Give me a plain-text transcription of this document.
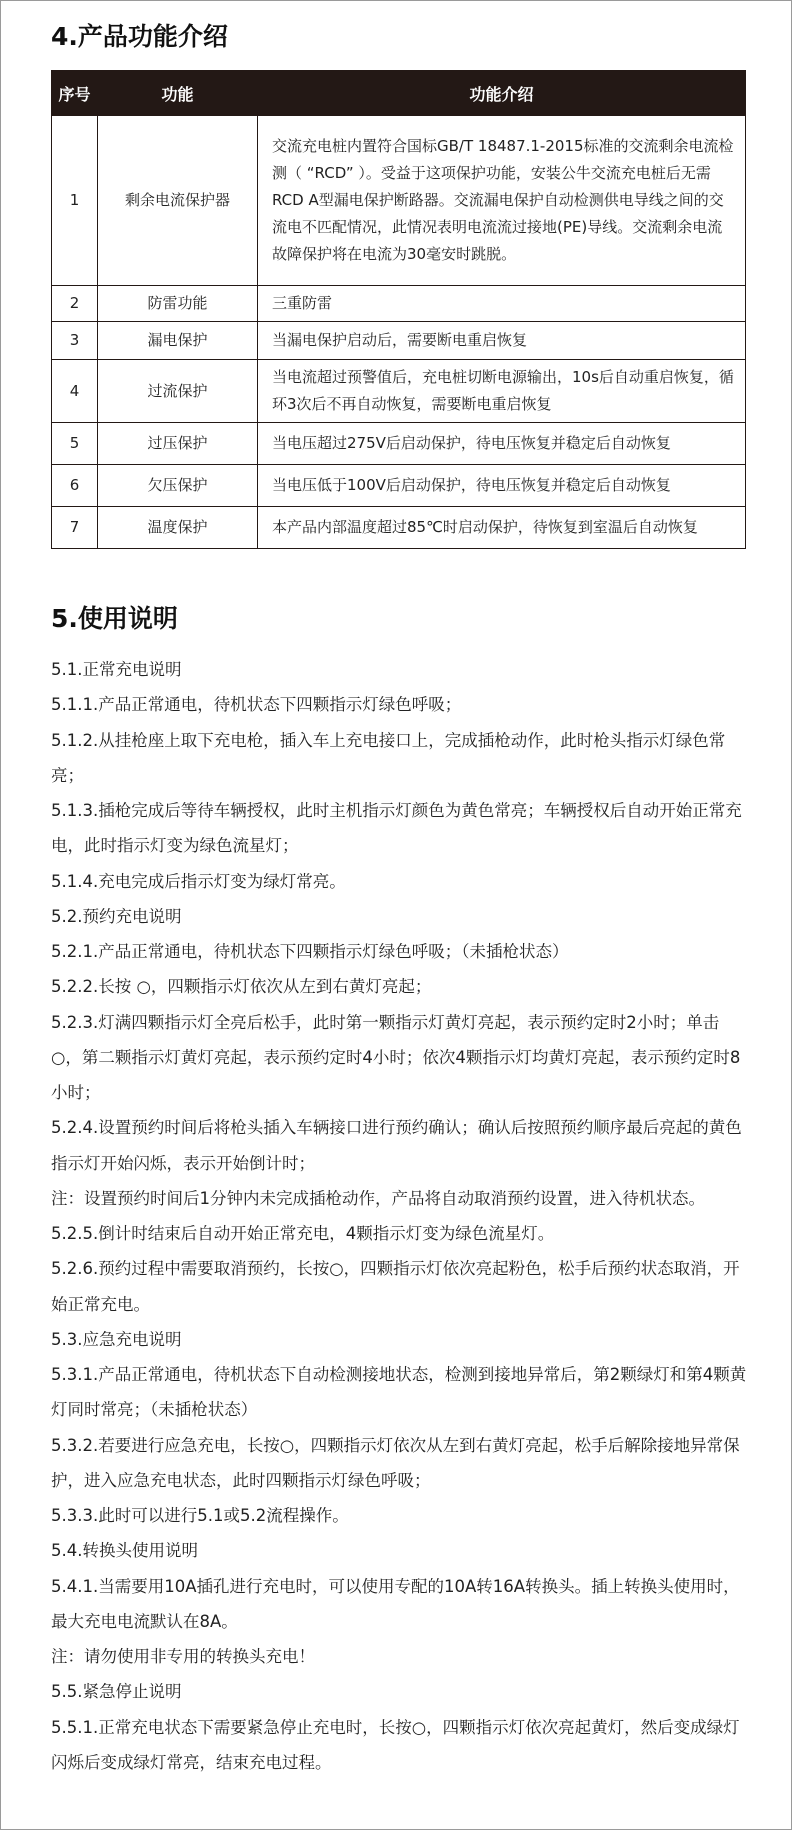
4.产品功能介绍
序号	功能	功能介绍
1	剩余电流保护器	交流充电桩内置符合国标GB/T 18487.1-2015标准的交流剩余电流检测（ “RCD” ）。受益于这项保护功能，安装公牛交流充电桩后无需 RCD A型漏电保护断路器。交流漏电保护自动检测供电导线之间的交流电不匹配情况，此情况表明电流流过接地(PE)导线。交流剩余电流故障保护将在电流为30毫安时跳脱。
2	防雷功能	三重防雷
3	漏电保护	当漏电保护启动后，需要断电重启恢复
4	过流保护	当电流超过预警值后，充电桩切断电源输出，10s后自动重启恢复，循环3次后不再自动恢复，需要断电重启恢复
5	过压保护	当电压超过275V后启动保护，待电压恢复并稳定后自动恢复
6	欠压保护	当电压低于100V后启动保护，待电压恢复并稳定后自动恢复
7	温度保护	本产品内部温度超过85℃时启动保护，待恢复到室温后自动恢复
5.使用说明

5.1.正常充电说明

5.1.1.产品正常通电，待机状态下四颗指示灯绿色呼吸；

5.1.2.从挂枪座上取下充电枪，插入车上充电接口上，完成插枪动作，此时枪头指示灯绿色常亮；

5.1.3.插枪完成后等待车辆授权，此时主机指示灯颜色为黄色常亮；车辆授权后自动开始正常充电，此时指示灯变为绿色流星灯；

5.1.4.充电完成后指示灯变为绿灯常亮。

5.2.预约充电说明

5.2.1.产品正常通电，待机状态下四颗指示灯绿色呼吸；（未插枪状态）

5.2.2.长按 ○，四颗指示灯依次从左到右黄灯亮起；

5.2.3.灯满四颗指示灯全亮后松手，此时第一颗指示灯黄灯亮起，表示预约定时2小时；单击 ○，第二颗指示灯黄灯亮起，表示预约定时4小时；依次4颗指示灯均黄灯亮起，表示预约定时8小时；

5.2.4.设置预约时间后将枪头插入车辆接口进行预约确认；确认后按照预约顺序最后亮起的黄色指示灯开始闪烁，表示开始倒计时；

注：设置预约时间后1分钟内未完成插枪动作，产品将自动取消预约设置，进入待机状态。

5.2.5.倒计时结束后自动开始正常充电，4颗指示灯变为绿色流星灯。

5.2.6.预约过程中需要取消预约，长按○，四颗指示灯依次亮起粉色，松手后预约状态取消，开始正常充电。

5.3.应急充电说明

5.3.1.产品正常通电，待机状态下自动检测接地状态，检测到接地异常后，第2颗绿灯和第4颗黄灯同时常亮；（未插枪状态）

5.3.2.若要进行应急充电，长按○，四颗指示灯依次从左到右黄灯亮起，松手后解除接地异常保护，进入应急充电状态，此时四颗指示灯绿色呼吸；

5.3.3.此时可以进行5.1或5.2流程操作。

5.4.转换头使用说明

5.4.1.当需要用10A插孔进行充电时，可以使用专配的10A转16A转换头。插上转换头使用时，最大充电电流默认在8A。

注：请勿使用非专用的转换头充电！

5.5.紧急停止说明

5.5.1.正常充电状态下需要紧急停止充电时，长按○，四颗指示灯依次亮起黄灯，然后变成绿灯闪烁后变成绿灯常亮，结束充电过程。
